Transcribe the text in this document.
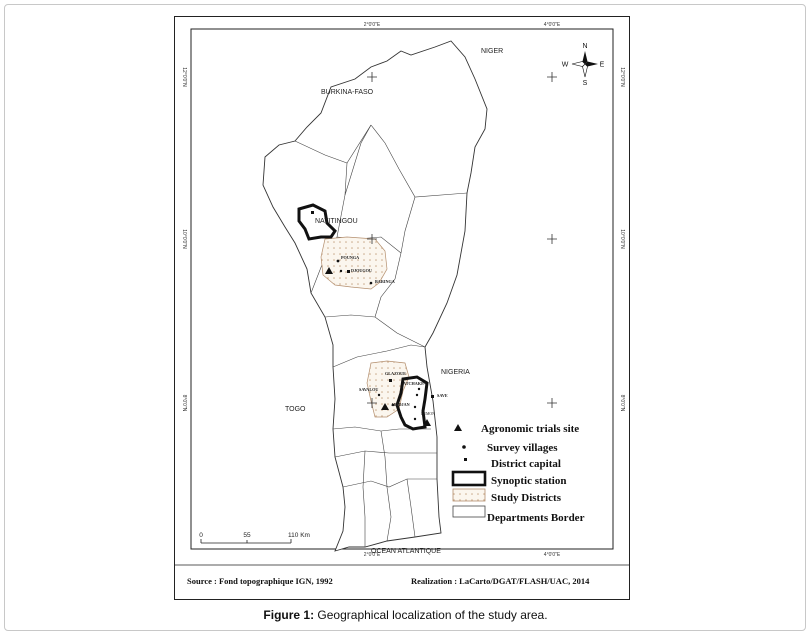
2°0'0"E	4°0'0"E
2°0'0"E	4°0'0"E
12°0'0"N
10°0'0"N
8°0'0"N
12°0'0"N
10°0'0"N
8°0'0"N
NIGER
BURKINA-FASO
TOGO
NIGERIA
OCEAN ATLANTIQUE
NATITINGOU
POUNGA
DJOUGOU
BARINGA
GLAZOUE
ATCHAKPA
SAVALOU
SAVE
ABIDJAN
KEMON
N
S
E
W
0	55	110 Km
Agronomic trials site
Survey villages
District capital
Synoptic station
Study Districts
Departments Border
Source : Fond topographique IGN, 1992	Realization : LaCarto/DGAT/FLASH/UAC, 2014
Figure 1: Geographical localization of the study area.
